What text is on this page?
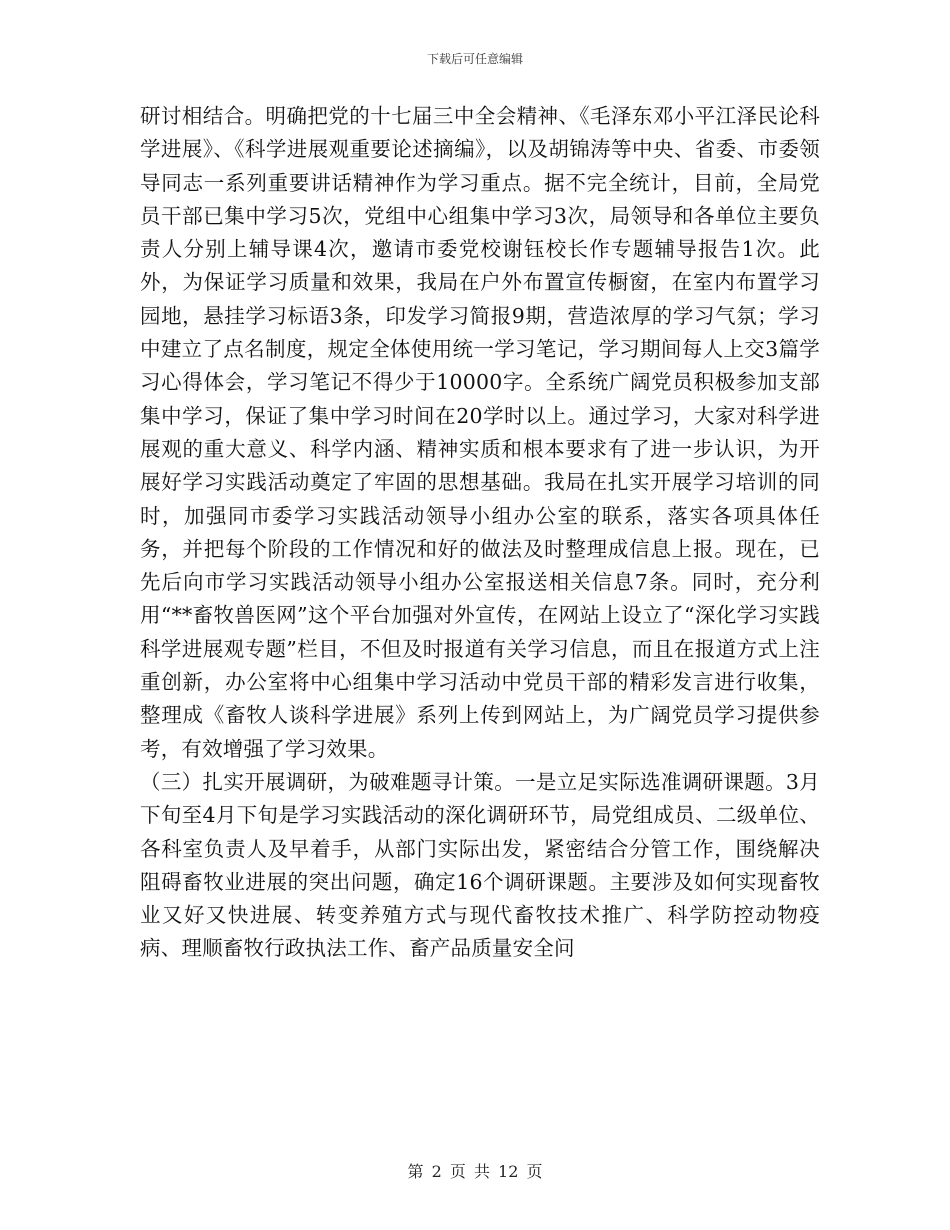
下载后可任意编辑

研讨相结合。明确把党的十七届三中全会精神、《毛泽东邓小平江泽民论科学进展》、《科学进展观重要论述摘编》，以及胡锦涛等中央、省委、市委领导同志一系列重要讲话精神作为学习重点。据不完全统计，目前，全局党员干部已集中学习5次，党组中心组集中学习3次，局领导和各单位主要负责人分别上辅导课4次，邀请市委党校谢钰校长作专题辅导报告1次。此外，为保证学习质量和效果，我局在户外布置宣传橱窗，在室内布置学习园地，悬挂学习标语3条，印发学习简报9期，营造浓厚的学习气氛；学习中建立了点名制度，规定全体使用统一学习笔记，学习期间每人上交3篇学习心得体会，学习笔记不得少于10000字。全系统广阔党员积极参加支部集中学习，保证了集中学习时间在20学时以上。通过学习，大家对科学进展观的重大意义、科学内涵、精神实质和根本要求有了进一步认识，为开展好学习实践活动奠定了牢固的思想基础。我局在扎实开展学习培训的同时，加强同市委学习实践活动领导小组办公室的联系，落实各项具体任务，并把每个阶段的工作情况和好的做法及时整理成信息上报。现在，已先后向市学习实践活动领导小组办公室报送相关信息7条。同时，充分利用“**畜牧兽医网”这个平台加强对外宣传，在网站上设立了“深化学习实践科学进展观专题”栏目，不但及时报道有关学习信息，而且在报道方式上注重创新，办公室将中心组集中学习活动中党员干部的精彩发言进行收集，整理成《畜牧人谈科学进展》系列上传到网站上，为广阔党员学习提供参考，有效增强了学习效果。

（三）扎实开展调研，为破难题寻计策。一是立足实际选准调研课题。3月下旬至4月下旬是学习实践活动的深化调研环节，局党组成员、二级单位、各科室负责人及早着手，从部门实际出发，紧密结合分管工作，围绕解决阻碍畜牧业进展的突出问题，确定16个调研课题。主要涉及如何实现畜牧业又好又快进展、转变养殖方式与现代畜牧技术推广、科学防控动物疫病、理顺畜牧行政执法工作、畜产品质量安全问

第 2 页 共 12 页
